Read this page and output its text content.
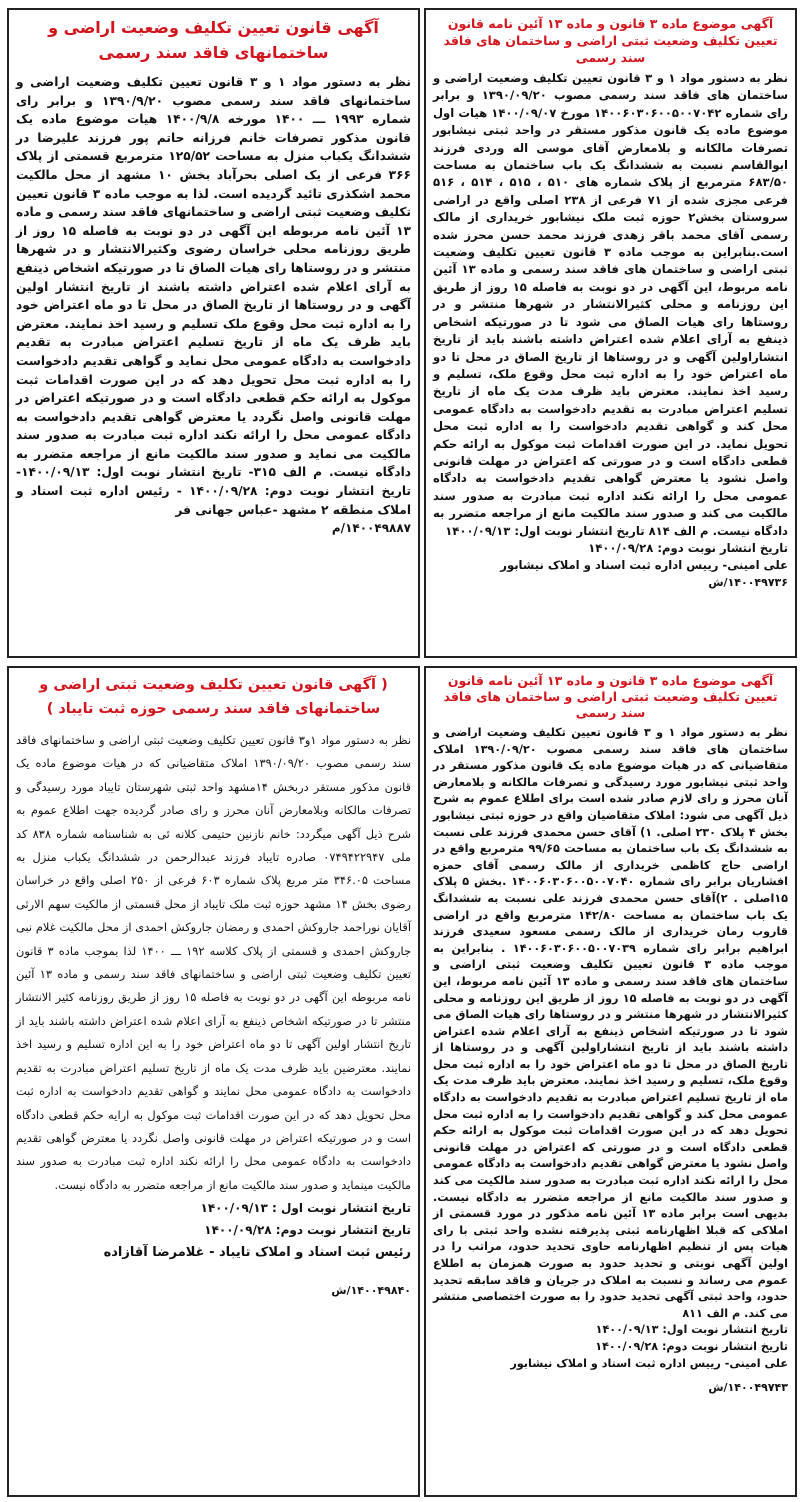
آگهی موضوع ماده ۳ قانون و ماده ۱۳ آئین نامه قانون تعیین تکلیف وضعیت ثبتی اراضی و ساختمان های فاقد سند رسمی
نظر به دستور مواد ۱ و ۳ قانون تعیین تکلیف وضعیت اراضی و ساختمان های فاقد سند رسمی مصوب ۱۳۹۰/۰۹/۲۰ و برابر رای شماره ۱۴۰۰۶۰۳۰۶۰۰۵۰۰۷۰۴۲ مورخ ۱۴۰۰/۰۹/۰۷ هیات اول موضوع ماده یک قانون مذکور مستقر در واحد ثبتی نیشابور تصرفات مالکانه و بلامعارض آقای موسی اله وردی فرزند ابوالقاسم نسبت به ششدانگ یک باب ساختمان به مساحت ۶۸۳/۵۰ مترمربع از پلاک شماره های ۵۱۰ ، ۵۱۵ ، ۵۱۴ ، ۵۱۶ فرعی مجزی شده از ۷۱ فرعی از ۲۳۸ اصلی واقع در اراضی سروستان بخش۲ حوزه ثبت ملک نیشابور خریداری از مالک رسمی آقای محمد باقر زهدی فرزند محمد حسن محرز شده است.بنابراین به موجب ماده ۳ قانون تعیین تکلیف وضعیت ثبتی اراضی و ساختمان های فاقد سند رسمی و ماده ۱۳ آئین نامه مربوط، این آگهی در دو نوبت به فاصله ۱۵ روز از طریق این روزنامه و محلی کثیرالانتشار در شهرها منتشر و در روستاها رای هیات الصاق می شود تا در صورتیکه اشخاص ذینفع به آرای اعلام شده اعتراض داشته باشند باید از تاریخ انتشاراولین آگهی و در روستاها از تاریخ الصاق در محل تا دو ماه اعتراض خود را به اداره ثبت محل وقوع ملک، تسلیم و رسید اخذ نمایند. معترض باید ظرف مدت یک ماه از تاریخ تسلیم اعتراض مبادرت به تقدیم دادخواست به دادگاه عمومی محل کند و گواهی تقدیم دادخواست را به اداره ثبت محل تحویل نماید. در این صورت اقدامات ثبت موکول به ارائه حکم قطعی دادگاه است و در صورتی که اعتراض در مهلت قانونی واصل نشود یا معترض گواهی تقدیم دادخواست به دادگاه عمومی محل را ارائه نکند اداره ثبت مبادرت به صدور سند مالکیت می کند و صدور سند مالکیت مانع از مراجعه متضرر به دادگاه نیست. م الف ۸۱۴ تاریخ انتشار نوبت اول: ۱۴۰۰/۰۹/۱۳
تاریخ انتشار نوبت دوم: ۱۴۰۰/۰۹/۲۸
علی امینی- رییس اداره ثبت اسناد و املاک نیشابور
۱۴۰۰۴۹۷۳۶/ش
آگهی قانون تعیین تکلیف وضعیت اراضی و ساختمانهای فاقد سند رسمی
نظر به دستور مواد ۱ و ۳ قانون تعیین تکلیف وضعیت اراضی و ساختمانهای فاقد سند رسمی مصوب ۱۳۹۰/۹/۲۰ و برابر رای شماره ۱۹۹۳ ـــ ۱۴۰۰ مورخه ۱۴۰۰/۹/۸ هیات موضوع ماده یک قانون مذکور تصرفات خانم فرزانه حاتم پور فرزند علیرضا در ششدانگ یکباب منزل به مساحت ۱۲۵/۵۲ مترمربع قسمتی از پلاک ۳۶۶ فرعی از یک اصلی بحرآباد بخش ۱۰ مشهد از محل مالکیت محمد اشکذری تائید گردیده است. لذا به موجب ماده ۳ قانون تعیین تکلیف وضعیت ثبتی اراضی و ساختمانهای فاقد سند رسمی و ماده ۱۳ آئین نامه مربوطه این آگهی در دو نوبت به فاصله ۱۵ روز از طریق روزنامه محلی خراسان رضوی وکثیرالانتشار و در شهرها منتشر و در روستاها رای هیات الصاق تا در صورتیکه اشخاص ذینفع به آرای اعلام شده اعتراض داشته باشند از تاریخ انتشار اولین آگهی و در روستاها از تاریخ الصاق در محل تا دو ماه اعتراض خود را به اداره ثبت محل وقوع ملک تسلیم و رسید اخذ نمایند. معترض باید ظرف یک ماه از تاریخ تسلیم اعتراض مبادرت به تقدیم دادخواست به دادگاه عمومی محل نماید و گواهی تقدیم دادخواست را به اداره ثبت محل تحویل دهد که در این صورت اقدامات ثبت موکول به ارائه حکم قطعی دادگاه است و در صورتیکه اعتراض در مهلت قانونی واصل نگردد یا معترض گواهی تقدیم دادخواست به دادگاه عمومی محل را ارائه نکند اداره ثبت مبادرت به صدور سند مالکیت می نماید و صدور سند مالکیت مانع از مراجعه متضرر به دادگاه نیست. م الف ۳۱۵- تاریخ انتشار نوبت اول: ۱۴۰۰/۰۹/۱۳- تاریخ انتشار نوبت دوم: ۱۴۰۰/۰۹/۲۸ - رئیس اداره ثبت اسناد و املاک منطقه ۲ مشهد -عباس جهانی فر
۱۴۰۰۴۹۸۸۷/م
آگهی موضوع ماده ۳ قانون و ماده ۱۳ آئین نامه قانون تعیین تکلیف وضعیت ثبتی اراضی و ساختمان های فاقد سند رسمی
نظر به دستور مواد ۱ و ۳ قانون تعیین تکلیف وضعیت اراضی و ساختمان های فاقد سند رسمی مصوب ۱۳۹۰/۰۹/۲۰ املاک متقاضیانی که در هیات موضوع ماده یک قانون مذکور مستقر در واحد ثبتی نیشابور مورد رسیدگی و تصرفات مالکانه و بلامعارض آنان محرز و رای لازم صادر شده است برای اطلاع عموم به شرح ذیل آگهی می شود: املاک متقاضیان واقع در حوزه ثبتی نیشابور بخش ۴ پلاک ۲۳۰ اصلی. ۱) آقای حسن محمدی فرزند علی نسبت به ششدانگ یک باب ساختمان به مساحت ۹۹/۶۵ مترمربع واقع در اراضی حاج کاظمی خریداری از مالک رسمی آقای حمزه افشاریان برابر رای شماره ۱۴۰۰۶۰۳۰۶۰۰۵۰۰۷۰۴۰ .بخش ۵ پلاک ۱۵اصلی . ۲)آقای حسن محمدی فرزند علی نسبت به ششدانگ یک باب ساختمان به مساحت ۱۴۲/۸۰ مترمربع واقع در اراضی قاروب رمان خریداری از مالک رسمی مسعود سعیدی فرزند ابراهیم برابر رای شماره ۱۴۰۰۶۰۳۰۶۰۰۵۰۰۷۰۳۹ . بنابراین به موجب ماده ۳ قانون تعیین تکلیف وضعیت ثبتی اراضی و ساختمان های فاقد سند رسمی و ماده ۱۳ آئین نامه مربوط، این آگهی در دو نوبت به فاصله ۱۵ روز از طریق این روزنامه و محلی کثیرالانتشار در شهرها منتشر و در روستاها رای هیات الصاق می شود تا در صورتیکه اشخاص ذینفع به آرای اعلام شده اعتراض داشته باشند باید از تاریخ انتشاراولین آگهی و در روستاها از تاریخ الصاق در محل تا دو ماه اعتراض خود را به اداره ثبت محل وقوع ملک، تسلیم و رسید اخذ نمایند. معترض باید ظرف مدت یک ماه از تاریخ تسلیم اعتراض مبادرت به تقدیم دادخواست به دادگاه عمومی محل کند و گواهی تقدیم دادخواست را به اداره ثبت محل تحویل دهد که در این صورت اقدامات ثبت موکول به ارائه حکم قطعی دادگاه است و در صورتی که اعتراض در مهلت قانونی واصل نشود یا معترض گواهی تقدیم دادخواست به دادگاه عمومی محل را ارائه نکند اداره ثبت مبادرت به صدور سند مالکیت می کند و صدور سند مالکیت مانع از مراجعه متضرر به دادگاه نیست. بدیهی است برابر ماده ۱۳ آئین نامه مذکور در مورد قسمتی از املاکی که قبلا اظهارنامه ثبتی پذیرفته نشده واحد ثبتی با رای هیات پس از تنظیم اظهارنامه حاوی تحدید حدود، مراتب را در اولین آگهی نوبتی و تحدید حدود به صورت همزمان به اطلاع عموم می رساند و نسبت به املاک در جریان و فاقد سابقه تحدید حدود، واحد ثبتی آگهی تحدید حدود را به صورت اختصاصی منتشر می کند. م الف ۸۱۱
تاریخ انتشار نوبت اول: ۱۴۰۰/۰۹/۱۳
تاریخ انتشار نوبت دوم: ۱۴۰۰/۰۹/۲۸
علی امینی- رییس اداره ثبت اسناد و املاک نیشابور
۱۴۰۰۴۹۷۴۳/ش
( آگهی قانون تعیین تکلیف وضعیت ثبتی اراضی و ساختمانهای فاقد سند رسمی حوزه ثبت تایباد )
نظر به دستور مواد ۱و۳ قانون تعیین تکلیف وضعیت ثبتی اراضی و ساختمانهای فاقد سند رسمی مصوب ۱۳۹۰/۰۹/۲۰ املاک متقاضیانی که در هیات موضوع ماده یک قانون مذکور مستقر دربخش ۱۴مشهد واحد ثبتی شهرستان تایباد مورد رسیدگی و تصرفات مالکانه وبلامعارض آنان محرز و رای صادر گردیده جهت اطلاع عموم به شرح ذیل آگهی میگردد: خانم نازنین حتیمی کلانه ئی به شناسنامه شماره ۸۳۸ کد ملی ۰۷۴۹۴۲۲۹۴۷ صادره تایباد فرزند عبدالرحمن در ششدانگ یکباب منزل به مساحت ۳۴۶.۰۵ متر مربع پلاک شماره ۶۰۳ فرعی از ۲۵۰ اصلی واقع در خراسان رضوی بخش ۱۴ مشهد حوزه ثبت ملک تایباد از محل قسمتی از مالکیت سهم الارثی آقایان نوراحمد جاروکش احمدی و رمضان جاروکش احمدی از محل مالکیت غلام نبی جاروکش احمدی و قسمتی از پلاک کلاسه ۱۹۲ ـــ ۱۴۰۰ لذا بموجب ماده ۳ قانون تعیین تکلیف وضعیت ثبتی اراضی و ساختمانهای فاقد سند رسمی و ماده ۱۳ آئین نامه مربوطه این آگهی در دو نوبت به فاصله ۱۵ روز از طریق روزنامه کثیر الانتشار منتشر تا در صورتیکه اشخاص ذینفع به آرای اعلام شده اعتراض داشته باشند باید از تاریخ انتشار اولین آگهی تا دو ماه اعتراض خود را به این اداره تسلیم و رسید اخذ نمایند. معترضین باید ظرف مدت یک ماه از تاریخ تسلیم اعتراض مبادرت به تقدیم دادخواست به دادگاه عمومی محل نمایند و گواهی تقدیم دادخواست به اداره ثبت محل تحویل دهد که در این صورت اقدامات ثبت موکول به ارایه حکم قطعی دادگاه است و در صورتیکه اعتراض در مهلت قانونی واصل نگردد یا معترض گواهی تقدیم دادخواست به دادگاه عمومی محل را ارائه نکند اداره ثبت مبادرت به صدور سند مالکیت مینماید و صدور سند مالکیت مانع از مراجعه متضرر به دادگاه نیست.
تاریخ انتشار نوبت اول : ۱۴۰۰/۰۹/۱۳
تاریخ انتشار نوبت دوم: ۱۴۰۰/۰۹/۲۸
رئیس ثبت اسناد و املاک تایباد - غلامرضا آقازاده
۱۴۰۰۴۹۸۴۰/ش
